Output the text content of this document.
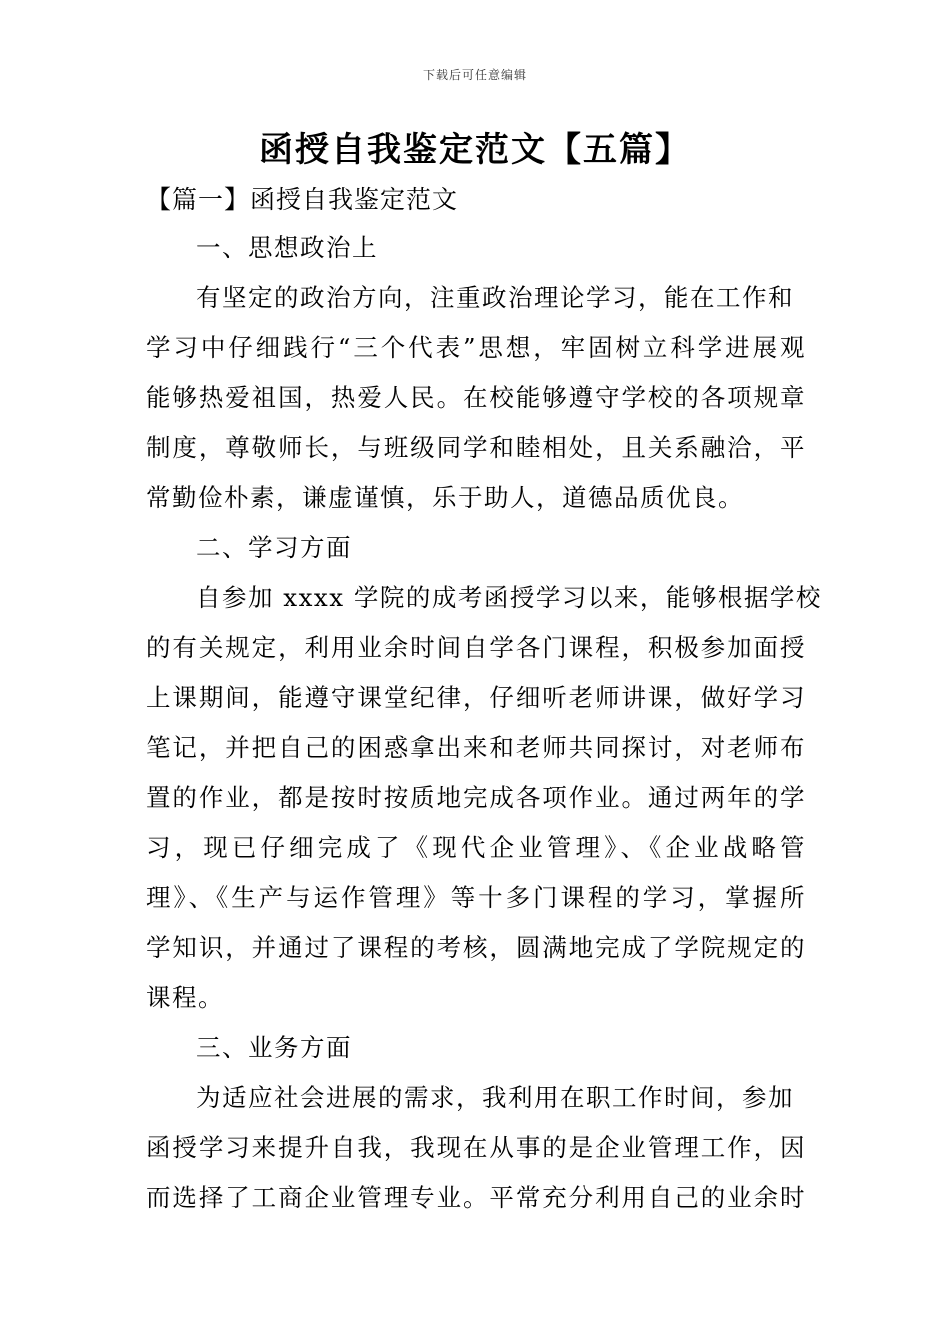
下载后可任意编辑
函授自我鉴定范文【五篇】
【篇一】函授自我鉴定范文
一、思想政治上
有坚定的政治方向，注重政治理论学习，能在工作和
学习中仔细践行“三个代表”思想，牢固树立科学进展观
能够热爱祖国，热爱人民。在校能够遵守学校的各项规章
制度，尊敬师长，与班级同学和睦相处，且关系融洽，平
常勤俭朴素，谦虚谨慎，乐于助人，道德品质优良。
二、学习方面
自参加 xxxx 学院的成考函授学习以来，能够根据学校
的有关规定，利用业余时间自学各门课程，积极参加面授
上课期间，能遵守课堂纪律，仔细听老师讲课，做好学习
笔记，并把自己的困惑拿出来和老师共同探讨，对老师布
置的作业，都是按时按质地完成各项作业。通过两年的学
习，现已仔细完成了《现代企业管理》、《企业战略管
理》、《生产与运作管理》等十多门课程的学习，掌握所
学知识，并通过了课程的考核，圆满地完成了学院规定的
课程。
三、业务方面
为适应社会进展的需求，我利用在职工作时间，参加
函授学习来提升自我，我现在从事的是企业管理工作，因
而选择了工商企业管理专业。平常充分利用自己的业余时
